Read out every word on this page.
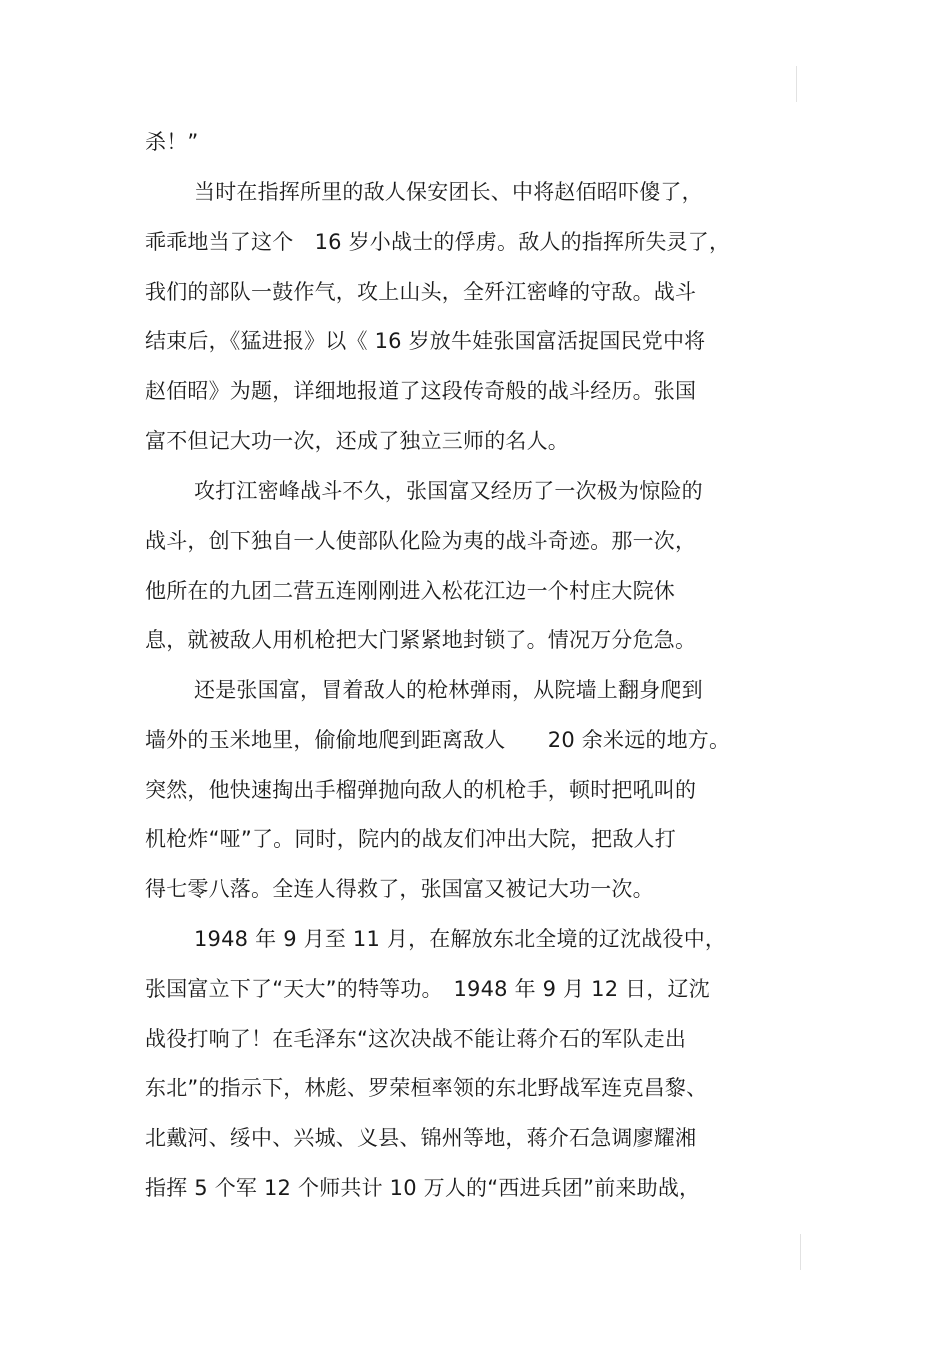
杀！”
当时在指挥所里的敌人保安团长、中将赵佰昭吓傻了，
乖乖地当了这个　16 岁小战士的俘虏。敌人的指挥所失灵了，
我们的部队一鼓作气，攻上山头，全歼江密峰的守敌。战斗
结束后，《猛进报》以《 16 岁放牛娃张国富活捉国民党中将
赵佰昭》为题，详细地报道了这段传奇般的战斗经历。张国
富不但记大功一次，还成了独立三师的名人。
攻打江密峰战斗不久，张国富又经历了一次极为惊险的
战斗，创下独自一人使部队化险为夷的战斗奇迹。那一次，
他所在的九团二营五连刚刚进入松花江边一个村庄大院休
息，就被敌人用机枪把大门紧紧地封锁了。情况万分危急。
还是张国富，冒着敌人的枪林弹雨，从院墙上翻身爬到
墙外的玉米地里，偷偷地爬到距离敌人　　20 余米远的地方。
突然，他快速掏出手榴弹抛向敌人的机枪手，顿时把吼叫的
机枪炸“哑”了。同时，院内的战友们冲出大院，把敌人打
得七零八落。全连人得救了，张国富又被记大功一次。
1948 年 9 月至 11 月，在解放东北全境的辽沈战役中，
张国富立下了“天大”的特等功。　1948 年 9 月 12 日，辽沈
战役打响了！在毛泽东“这次决战不能让蒋介石的军队走出
东北”的指示下，林彪、罗荣桓率领的东北野战军连克昌黎、
北戴河、绥中、兴城、义县、锦州等地，蒋介石急调廖耀湘
指挥 5 个军 12 个师共计 10 万人的“西进兵团”前来助战，
